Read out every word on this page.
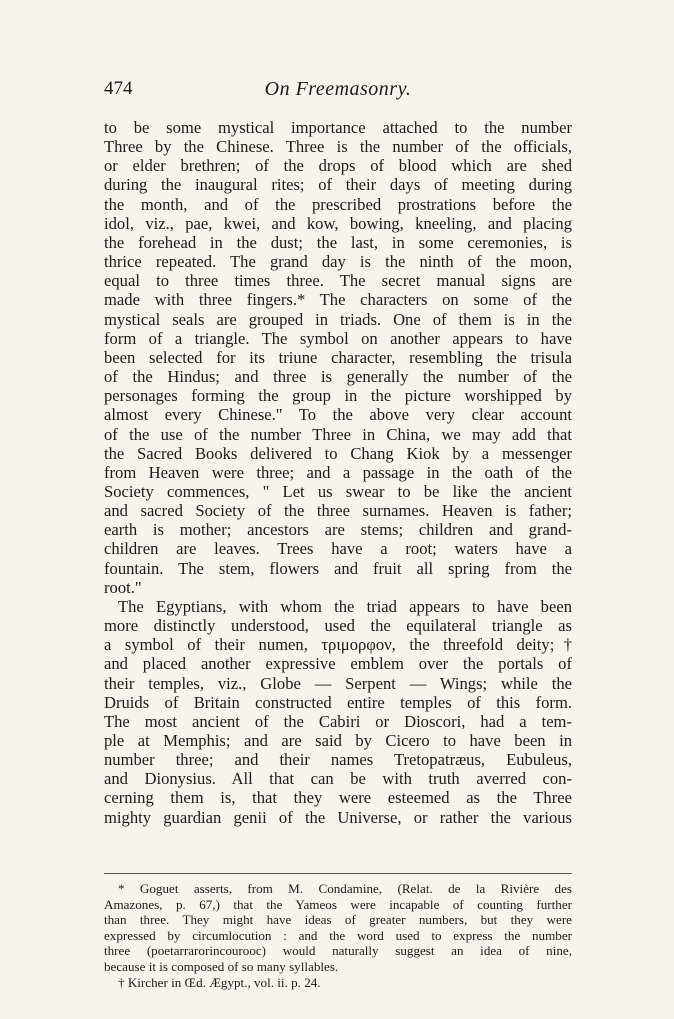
474	On Freemasonry.
to be some mystical importance attached to the number
Three by the Chinese. Three is the number of the officials,
or elder brethren; of the drops of blood which are shed
during the inaugural rites; of their days of meeting during
the month, and of the prescribed prostrations before the
idol, viz., pae, kwei, and kow, bowing, kneeling, and placing
the forehead in the dust; the last, in some ceremonies, is
thrice repeated. The grand day is the ninth of the moon,
equal to three times three. The secret manual signs are
made with three fingers.* The characters on some of the
mystical seals are grouped in triads. One of them is in the
form of a triangle. The symbol on another appears to have
been selected for its triune character, resembling the trisula
of the Hindus; and three is generally the number of the
personages forming the group in the picture worshipped by
almost every Chinese." To the above very clear account
of the use of the number Three in China, we may add that
the Sacred Books delivered to Chang Kiok by a messenger
from Heaven were three; and a passage in the oath of the
Society commences, " Let us swear to be like the ancient
and sacred Society of the three surnames. Heaven is father;
earth is mother; ancestors are stems; children and grand-
children are leaves. Trees have a root; waters have a
fountain. The stem, flowers and fruit all spring from the
root."
The Egyptians, with whom the triad appears to have been
more distinctly understood, used the equilateral triangle as
a symbol of their numen, τριμορφον, the threefold deity;†
and placed another expressive emblem over the portals of
their temples, viz., Globe — Serpent — Wings; while the
Druids of Britain constructed entire temples of this form.
The most ancient of the Cabiri or Dioscori, had a tem-
ple at Memphis; and are said by Cicero to have been in
number three; and their names Tretopatræus, Eubuleus,
and Dionysius. All that can be with truth averred con-
cerning them is, that they were esteemed as the Three
mighty guardian genii of the Universe, or rather the various
* Goguet asserts, from M. Condamine, (Relat. de la Rivière des
Amazones, p. 67,) that the Yameos were incapable of counting further
than three. They might have ideas of greater numbers, but they were
expressed by circumlocution : and the word used to express the number
three (poetarrarorincourooc) would naturally suggest an idea of nine,
because it is composed of so many syllables.
† Kircher in Œd. Ægypt., vol. ii. p. 24.
